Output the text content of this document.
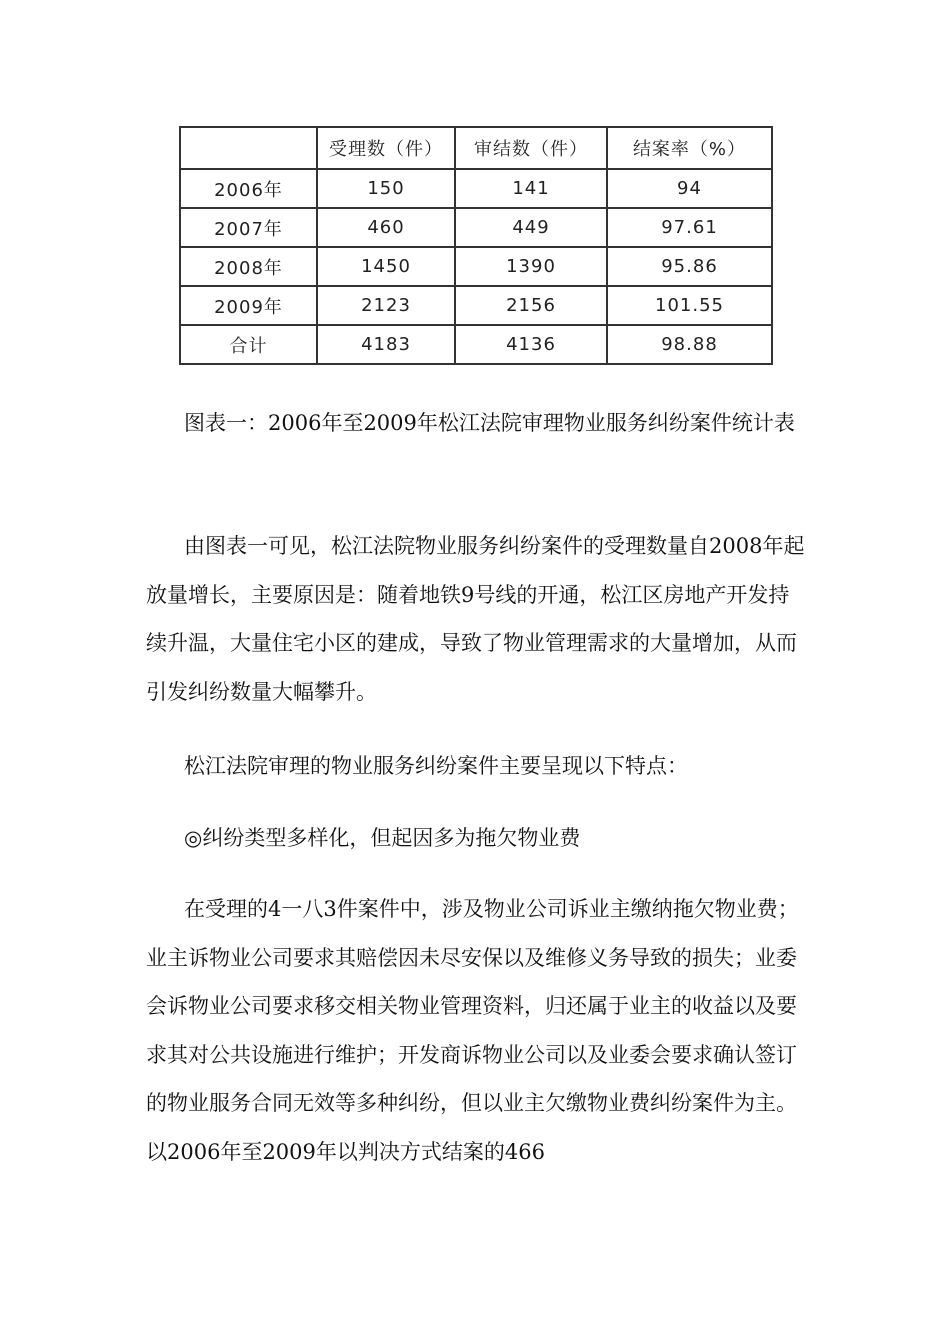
	受理数（件）	审结数（件）	结案率（%）
2006年	150	141	94
2007年	460	449	97.61
2008年	1450	1390	95.86
2009年	2123	2156	101.55
合计	4183	4136	98.88

图表一：2006年至2009年松江法院审理物业服务纠纷案件统计表

由图表一可见，松江法院物业服务纠纷案件的受理数量自2008年起放量增长，主要原因是：随着地铁9号线的开通，松江区房地产开发持续升温，大量住宅小区的建成，导致了物业管理需求的大量增加，从而引发纠纷数量大幅攀升。

松江法院审理的物业服务纠纷案件主要呈现以下特点：

◎纠纷类型多样化，但起因多为拖欠物业费

在受理的4一八3件案件中，涉及物业公司诉业主缴纳拖欠物业费；业主诉物业公司要求其赔偿因未尽安保以及维修义务导致的损失；业委会诉物业公司要求移交相关物业管理资料，归还属于业主的收益以及要求其对公共设施进行维护；开发商诉物业公司以及业委会要求确认签订的物业服务合同无效等多种纠纷，但以业主欠缴物业费纠纷案件为主。以2006年至2009年以判决方式结案的466
